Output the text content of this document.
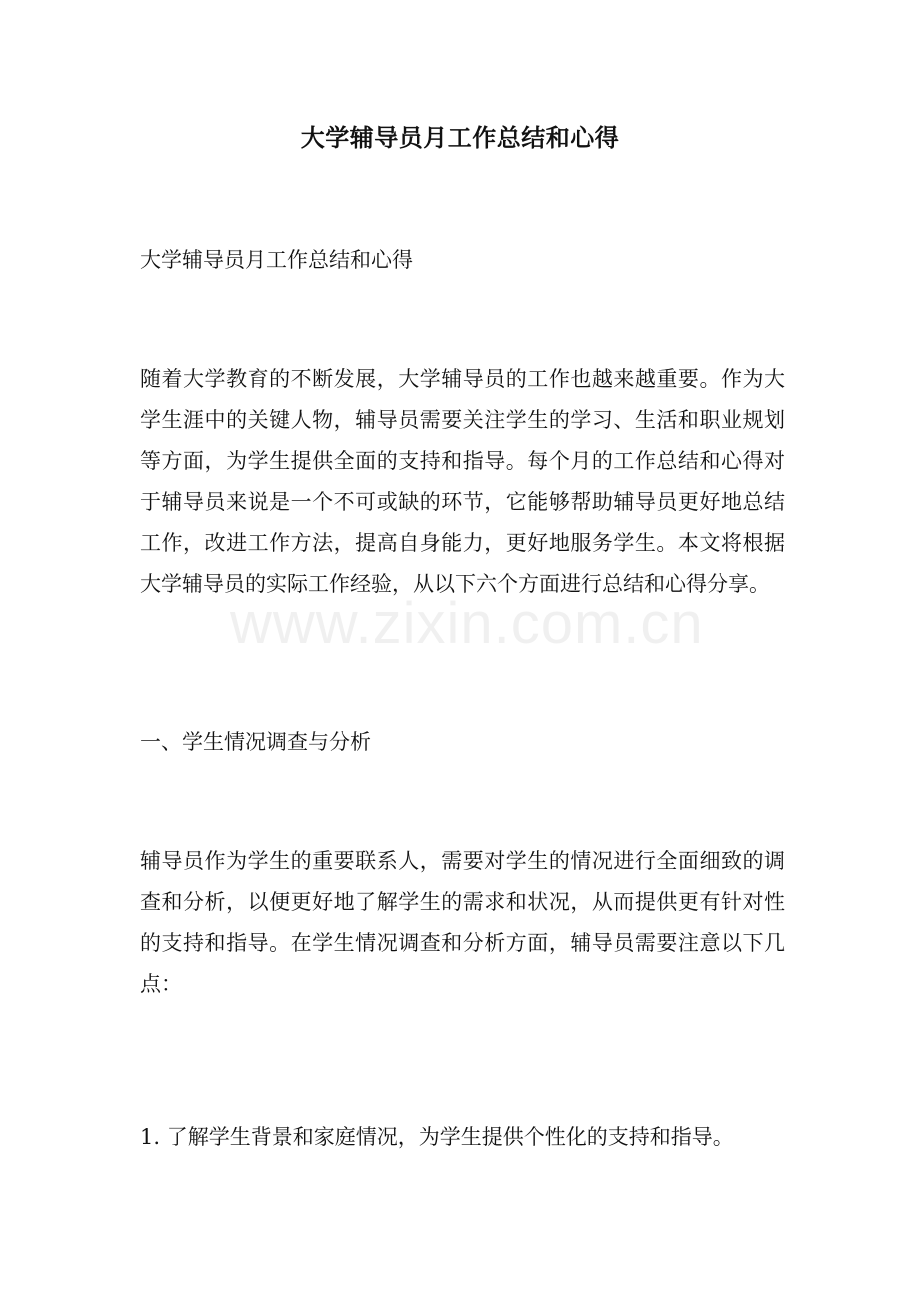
大学辅导员月工作总结和心得
大学辅导员月工作总结和心得
随着大学教育的不断发展，大学辅导员的工作也越来越重要。作为大学生涯中的关键人物，辅导员需要关注学生的学习、生活和职业规划等方面，为学生提供全面的支持和指导。每个月的工作总结和心得对于辅导员来说是一个不可或缺的环节，它能够帮助辅导员更好地总结工作，改进工作方法，提高自身能力，更好地服务学生。本文将根据大学辅导员的实际工作经验，从以下六个方面进行总结和心得分享。
一、学生情况调查与分析
辅导员作为学生的重要联系人，需要对学生的情况进行全面细致的调查和分析，以便更好地了解学生的需求和状况，从而提供更有针对性的支持和指导。在学生情况调查和分析方面，辅导员需要注意以下几点：
1. 了解学生背景和家庭情况，为学生提供个性化的支持和指导。
www.zixin.com.cn
